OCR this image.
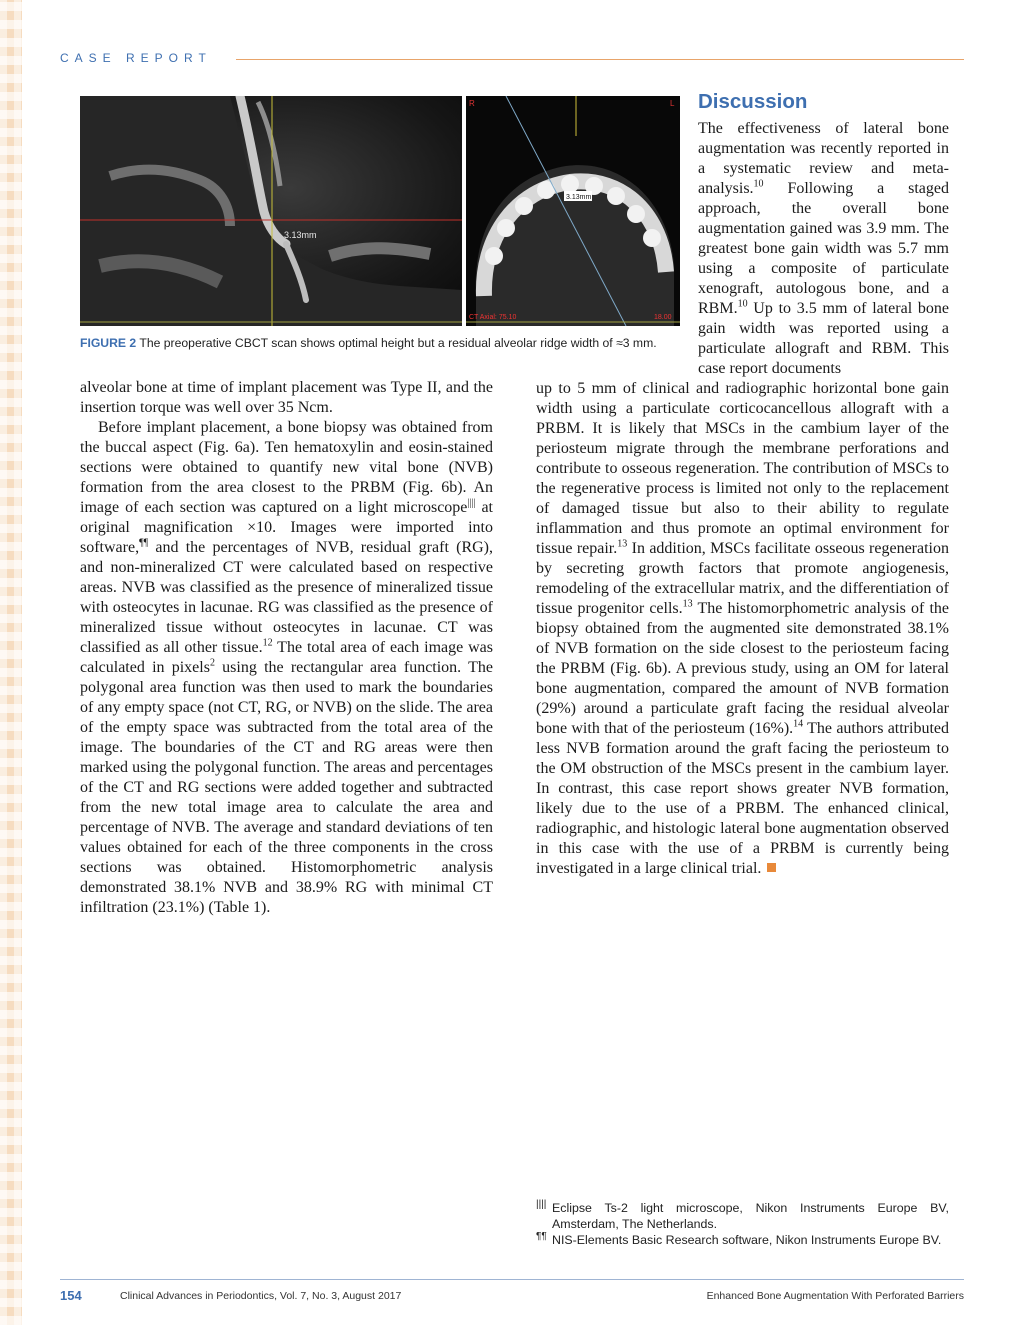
CASE REPORT
3.13mm
3.13mm
R	L
CT Axial: 75.10	18.00
FIGURE 2 The preoperative CBCT scan shows optimal height but a residual alveolar ridge width of ≈3 mm.

alveolar bone at time of implant placement was Type II, and the insertion torque was well over 35 Ncm.

Before implant placement, a bone biopsy was obtained from the buccal aspect (Fig. 6a). Ten hematoxylin and eosin-stained sections were obtained to quantify new vital bone (NVB) formation from the area closest to the PRBM (Fig. 6b). An image of each section was captured on a light microscope|||| at original magnification ×10. Images were imported into software,¶¶ and the percentages of NVB, residual graft (RG), and non-mineralized CT were calculated based on respective areas. NVB was classified as the presence of mineralized tissue with osteocytes in lacunae. RG was classified as the presence of mineralized tissue without osteocytes in lacunae. CT was classified as all other tissue.$^{12}$ The total area of each image was calculated in pixels$^2$ using the rectangular area function. The polygonal area function was then used to mark the boundaries of any empty space (not CT, RG, or NVB) on the slide. The area of the empty space was subtracted from the total area of the image. The boundaries of the CT and RG areas were then marked using the polygonal function. The areas and percentages of the CT and RG sections were added together and subtracted from the new total image area to calculate the area and percentage of NVB. The average and standard deviations of ten values obtained for each of the three components in the cross sections was obtained. Histomorphometric analysis demonstrated 38.1% NVB and 38.9% RG with minimal CT infiltration (23.1%) (Table 1).

Discussion

The effectiveness of lateral bone augmentation was recently reported in a systematic review and meta-analysis.$^{10}$ Following a staged approach, the overall bone augmentation gained was 3.9 mm. The greatest bone gain width was 5.7 mm using a composite of particulate xenograft, autologous bone, and a RBM.$^{10}$ Up to 3.5 mm of lateral bone gain width was reported using a particulate allograft and RBM. This case report documents

up to 5 mm of clinical and radiographic horizontal bone gain width using a particulate corticocancellous allograft with a PRBM. It is likely that MSCs in the cambium layer of the periosteum migrate through the membrane perforations and contribute to osseous regeneration. The contribution of MSCs to the regenerative process is limited not only to the replacement of damaged tissue but also to their ability to regulate inflammation and thus promote an optimal environment for tissue repair.$^{13}$ In addition, MSCs facilitate osseous regeneration by secreting growth factors that promote angiogenesis, remodeling of the extracellular matrix, and the differentiation of tissue progenitor cells.$^{13}$ The histomorphometric analysis of the biopsy obtained from the augmented site demonstrated 38.1% of NVB formation on the side closest to the periosteum facing the PRBM (Fig. 6b). A previous study, using an OM for lateral bone augmentation, compared the amount of NVB formation (29%) around a particulate graft facing the residual alveolar bone with that of the periosteum (16%).$^{14}$ The authors attributed less NVB formation around the graft facing the periosteum to the OM obstruction of the MSCs present in the cambium layer. In contrast, this case report shows greater NVB formation, likely due to the use of a PRBM. The enhanced clinical, radiographic, and histologic lateral bone augmentation observed in this case with the use of a PRBM is currently being investigated in a large clinical trial.

|||| Eclipse Ts-2 light microscope, Nikon Instruments Europe BV, Amsterdam, The Netherlands.
¶¶ NIS-Elements Basic Research software, Nikon Instruments Europe BV.
154	Clinical Advances in Periodontics, Vol. 7, No. 3, August 2017	Enhanced Bone Augmentation With Perforated Barriers
